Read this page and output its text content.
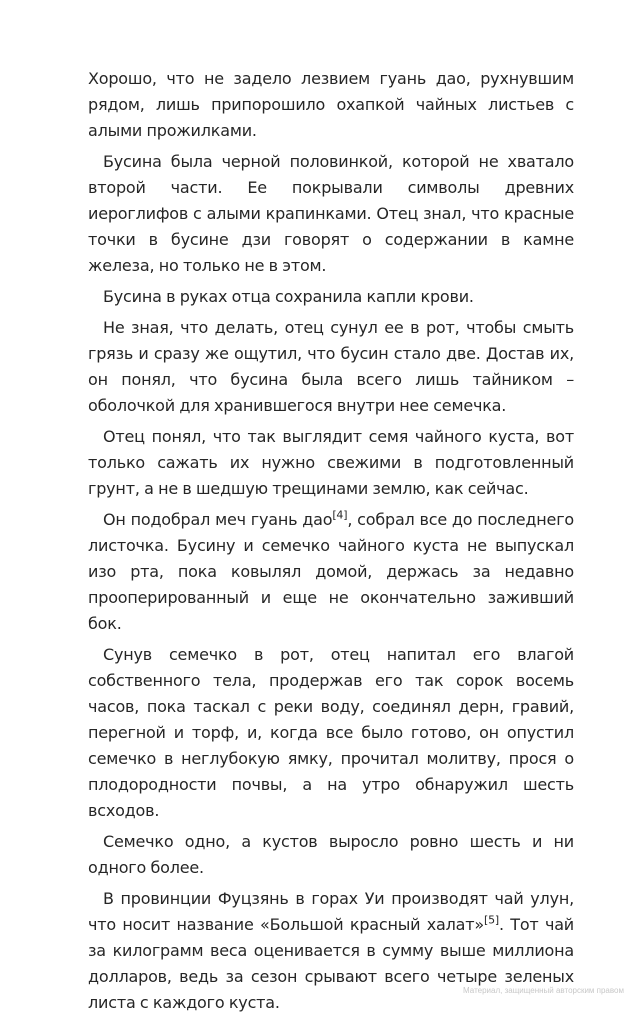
Хорошо, что не задело лезвием гуань дао, рухнувшим рядом, лишь припорошило охапкой чайных листьев с алыми прожилками.

Бусина была черной половинкой, которой не хватало второй части. Ее покрывали символы древних иероглифов с алыми крапинками. Отец знал, что красные точки в бусине дзи говорят о содержании в камне железа, но только не в этом.

Бусина в руках отца сохранила капли крови.

Не зная, что делать, отец сунул ее в рот, чтобы смыть грязь и сразу же ощутил, что бусин стало две. Достав их, он понял, что бусина была всего лишь тайником – оболочкой для хранившегося внутри нее семечка.

Отец понял, что так выглядит семя чайного куста, вот только сажать их нужно свежими в подготовленный грунт, а не в шедшую трещинами землю, как сейчас.

Он подобрал меч гуань дао[4], собрал все до последнего листочка. Бусину и семечко чайного куста не выпускал изо рта, пока ковылял домой, держась за недавно прооперированный и еще не окончательно заживший бок.

Сунув семечко в рот, отец напитал его влагой собственного тела, продержав его так сорок восемь часов, пока таскал с реки воду, соединял дерн, гравий, перегной и торф, и, когда все было готово, он опустил семечко в неглубокую ямку, прочитал молитву, прося о плодородности почвы, а на утро обнаружил шесть всходов.

Семечко одно, а кустов выросло ровно шесть и ни одного более.

В провинции Фуцзянь в горах Уи производят чай улун, что носит название «Большой красный халат»[5]. Тот чай за килограмм веса оценивается в сумму выше миллиона долларов, ведь за сезон срывают всего четыре зеленых листа с каждого куста.

Материал, защищенный авторским правом
